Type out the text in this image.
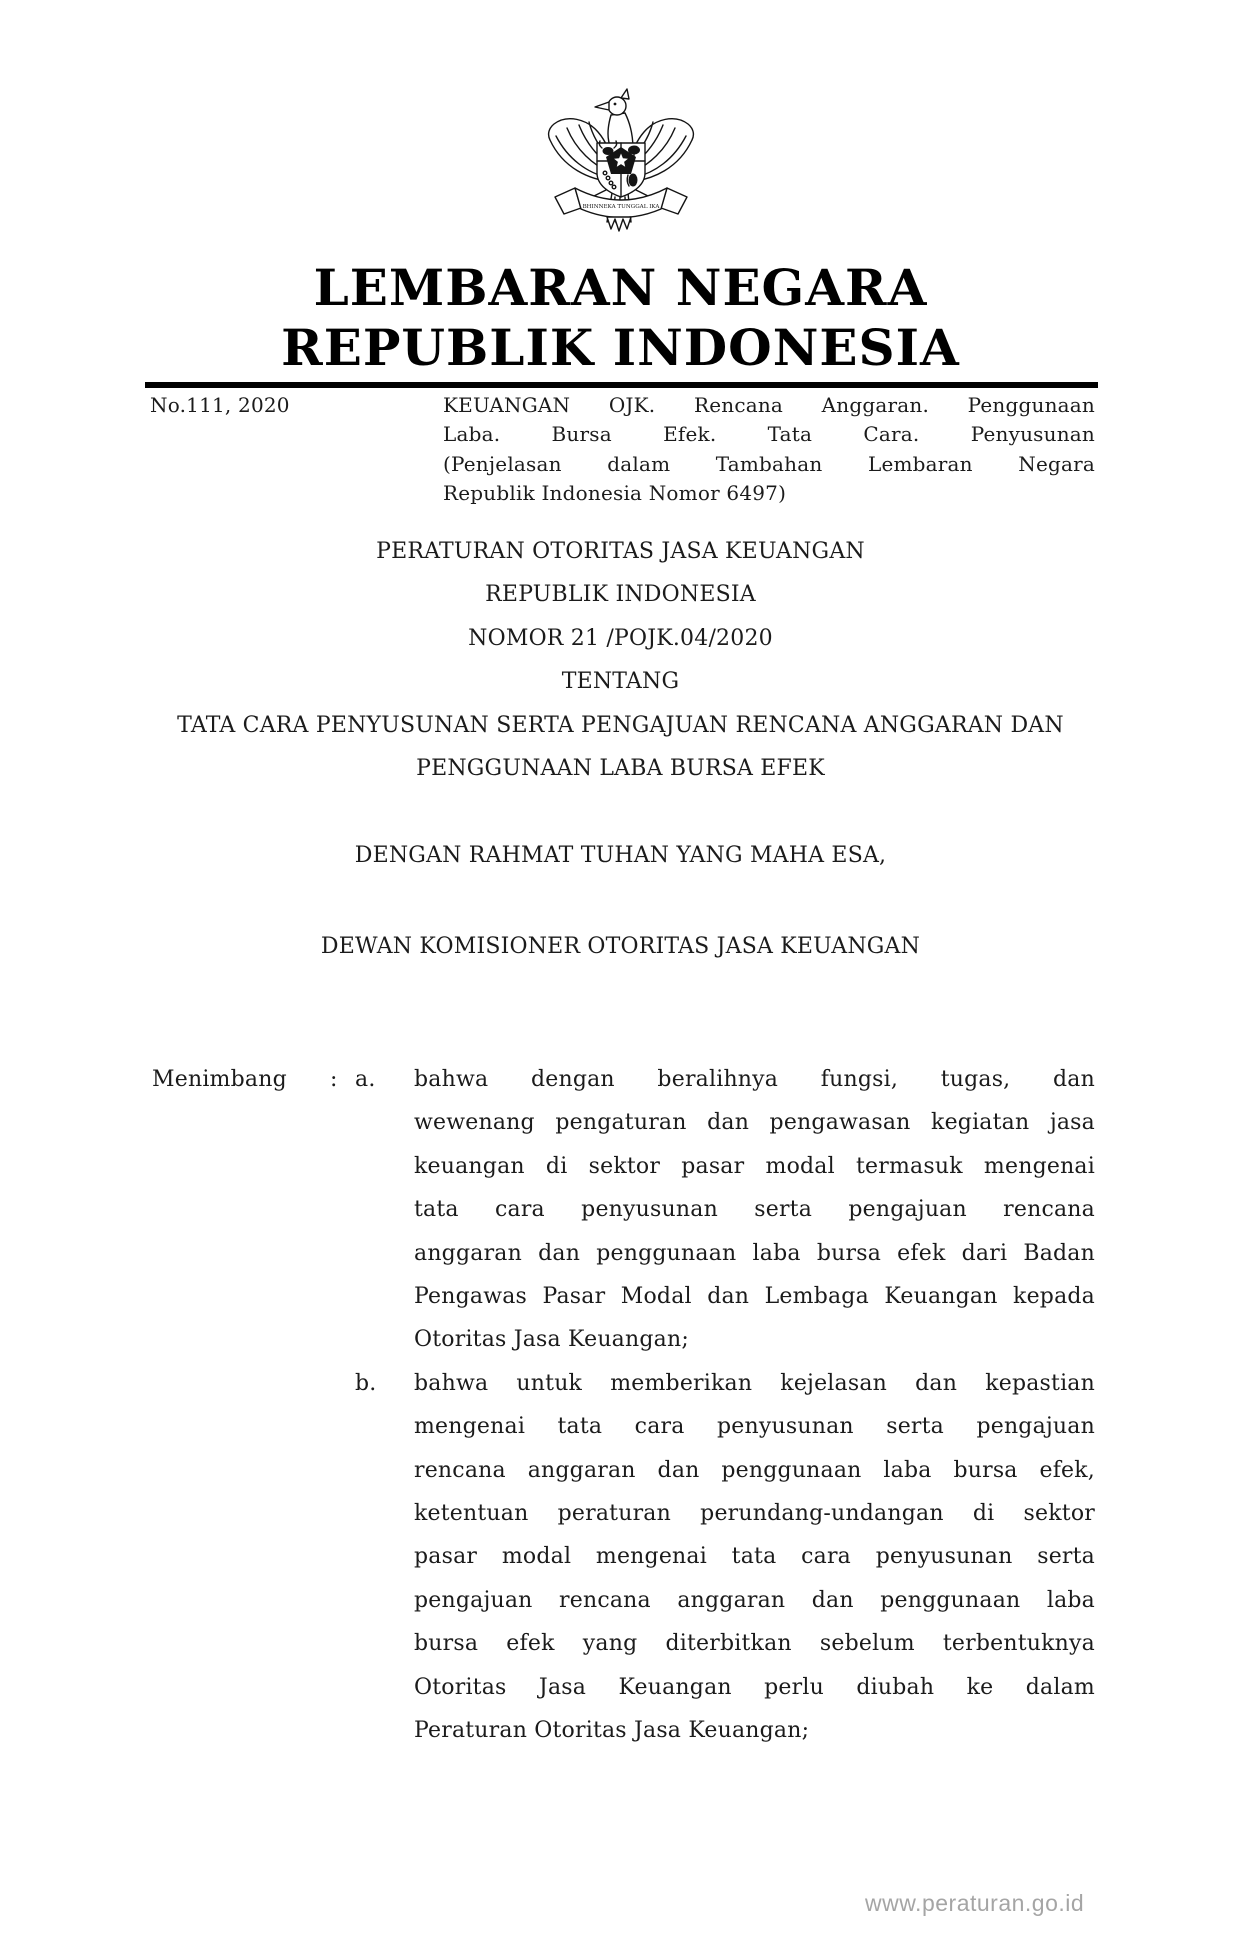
BHINNEKA TUNGGAL IKA
LEMBARAN NEGARA
REPUBLIK INDONESIA
No.111, 2020	KEUANGAN OJK. Rencana Anggaran. Penggunaan
Laba. Bursa Efek. Tata Cara. Penyusunan
(Penjelasan dalam Tambahan Lembaran Negara
Republik Indonesia Nomor 6497)
PERATURAN OTORITAS JASA KEUANGAN
REPUBLIK INDONESIA
NOMOR 21 /POJK.04/2020
TENTANG
TATA CARA PENYUSUNAN SERTA PENGAJUAN RENCANA ANGGARAN DAN
PENGGUNAAN LABA BURSA EFEK
DENGAN RAHMAT TUHAN YANG MAHA ESA,
DEWAN KOMISIONER OTORITAS JASA KEUANGAN
Menimbang : a. bahwa dengan beralihnya fungsi, tugas, dan
wewenang pengaturan dan pengawasan kegiatan jasa
keuangan di sektor pasar modal termasuk mengenai
tata cara penyusunan serta pengajuan rencana
anggaran dan penggunaan laba bursa efek dari Badan
Pengawas Pasar Modal dan Lembaga Keuangan kepada
Otoritas Jasa Keuangan;
b. bahwa untuk memberikan kejelasan dan kepastian
mengenai tata cara penyusunan serta pengajuan
rencana anggaran dan penggunaan laba bursa efek,
ketentuan peraturan perundang-undangan di sektor
pasar modal mengenai tata cara penyusunan serta
pengajuan rencana anggaran dan penggunaan laba
bursa efek yang diterbitkan sebelum terbentuknya
Otoritas Jasa Keuangan perlu diubah ke dalam
Peraturan Otoritas Jasa Keuangan;
www.peraturan.go.id
